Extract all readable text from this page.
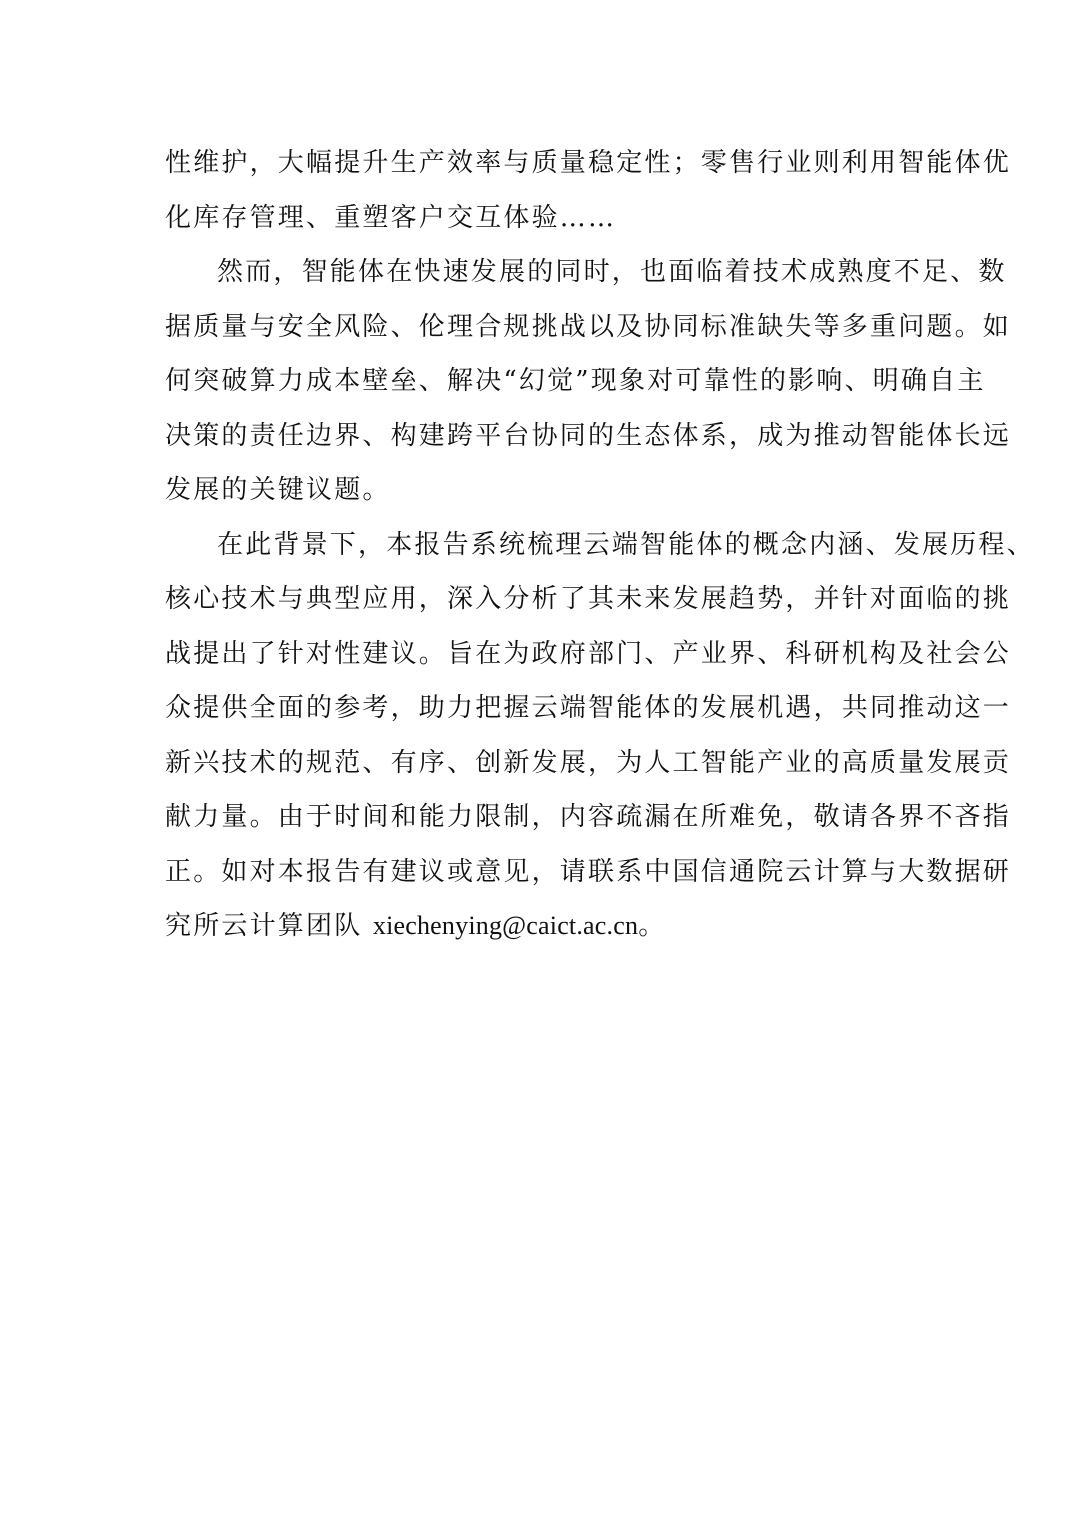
性维护，大幅提升生产效率与质量稳定性；零售行业则利用智能体优
化库存管理、重塑客户交互体验……

然而，智能体在快速发展的同时，也面临着技术成熟度不足、数
据质量与安全风险、伦理合规挑战以及协同标准缺失等多重问题。如
何突破算力成本壁垒、解决“幻觉”现象对可靠性的影响、明确自主
决策的责任边界、构建跨平台协同的生态体系，成为推动智能体长远
发展的关键议题。

在此背景下，本报告系统梳理云端智能体的概念内涵、发展历程、
核心技术与典型应用，深入分析了其未来发展趋势，并针对面临的挑
战提出了针对性建议。旨在为政府部门、产业界、科研机构及社会公
众提供全面的参考，助力把握云端智能体的发展机遇，共同推动这一
新兴技术的规范、有序、创新发展，为人工智能产业的高质量发展贡
献力量。由于时间和能力限制，内容疏漏在所难免，敬请各界不吝指
正。如对本报告有建议或意见，请联系中国信通院云计算与大数据研
究所云计算团队 xiechenying@caict.ac.cn。
